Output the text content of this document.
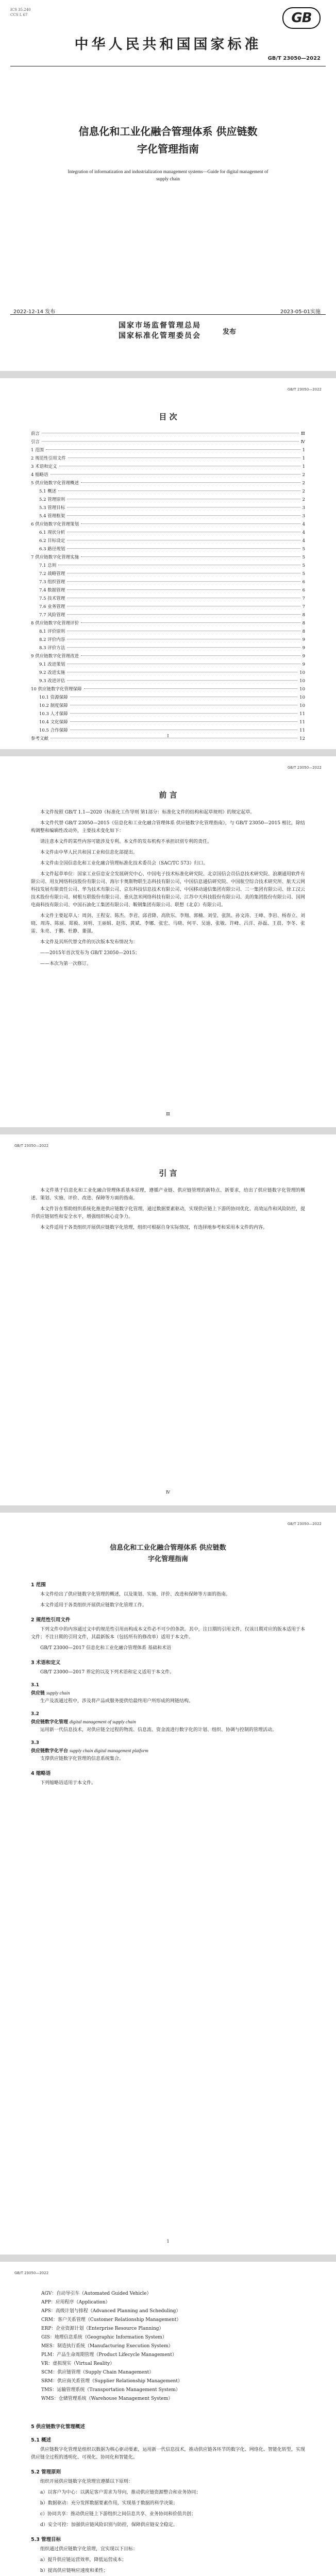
ICS 35.240
CCS L 67	GB
中华人民共和国国家标准
GB/T 23050—2022
信息化和工业化融合管理体系 供应链数字化管理指南
Integration of informatization and industrialization management systems—Guide for digital management of supply chain
2022-12-14 发布	2023-05-01实施
国家市场监督管理总局
国家标准化管理委员会	发布
GB/T 23050—2022
目 次
前言	Ⅲ
引言	Ⅳ
1 范围	1
2 规范性引用文件	1
3 术语和定义	1
4 缩略语	2
5 供应链数字化管理概述	2
5.1 概述	2
5.2 管理原则	2
5.3 管理目标	3
5.4 管理框架	3
6 供应链数字化管理策划	4
6.1 现状分析	4
6.2 目标设定	4
6.3 路径规划	5
7 供应链数字化管理实施	5
7.1 总则	5
7.2 战略管理	5
7.3 组织管理	6
7.4 数据管理	6
7.5 技术管理	7
7.6 业务管理	7
7.7 风险管理	8
8 供应链数字化管理评价	8
8.1 评价原则	8
8.2 评价内容	9
8.3 评价方法	9
9 供应链数字化管理改进	9
9.1 改进策划	9
9.2 改进实施	10
9.3 改进评估	10
10 供应链数字化管理保障	10
10.1 资源保障	10
10.2 制度保障	10
10.3 人才保障	11
10.4 文化保障	11
10.5 合作保障	11
参考文献	12
Ⅰ
GB/T 23050—2022
前 言

本文件按照 GB/T 1.1—2020《标准化工作导则 第1部分：标准化文件的结构和起草规则》的规定起草。

本文件代替 GB/T 23050—2015《信息化和工业化融合管理体系 供应链数字化管理指南》，与 GB/T 23050—2015 相比，除结构调整和编辑性改动外，主要技术变化如下：

请注意本文件的某些内容可能涉及专利。本文件的发布机构不承担识别专利的责任。

本文件由中华人民共和国工业和信息化部提出。

本文件由全国信息化和工业化融合管理标准化技术委员会（SAC/TC 573）归口。

本文件起草单位：国家工业信息安全发展研究中心、中国电子技术标准化研究院、北京国信会员信息技术研究院、浪潮通用软件有限公司、用友网络科技股份有限公司、海尔卡奥斯物联生态科技有限公司、中国信息通信研究院、中国航空综合技术研究所、航天云网科技发展有限责任公司、华为技术有限公司、京东科技信息技术有限公司、中国移动通信集团有限公司、三一集团有限公司、徐工汉云技术股份有限公司、树根互联股份有限公司、重庆忽米网络科技有限公司、江苏中天科技股份有限公司、美的集团股份有限公司、国网电商科技有限公司、中国石油化工集团有限公司、鞍钢集团有限公司、联想（北京）有限公司。

本文件主要起草人：周剑、王程安、陈杰、李君、邱君降、高欣东、李翔、郭楠、刘莹、张凯、孙文涛、王峰、李岩、杨春立、刘晓、周涛、陈丽、郑毅、刘明、王丽娟、赵伟、黄斌、李娜、张宏、马晓、何平、吴迪、张敏、许峰、吕洋、孙磊、王晨、李冬、张雷、朱亮、于鹏、杜静、董强。

本文件及其所代替文件的历次版本发布情况为：

——2015年首次发布为 GB/T 23050—2015；

——本次为第一次修订。

Ⅲ
GB/T 23050—2022
引 言

本文件基于信息化和工业化融合管理体系基本原理，遵循产业链、供应链管理的新特点、新要求，给出了供应链数字化管理的概述、策划、实施、评价、改进、保障等方面的指南。

本文件旨在帮助组织系统化推进供应链数字化管理，通过数据要素驱动，实现供应链上下游的协同优化、高效运作和风险防控，提升供应链韧性和安全水平，增强组织核心竞争力。

本文件适用于各类组织开展供应链数字化管理，组织可根据自身实际情况，有选择地参考和采用本文件的内容。

Ⅳ
GB/T 23050—2022
信息化和工业化融合管理体系 供应链数字化管理指南
1 范围

本文件给出了供应链数字化管理的概述，以及策划、实施、评价、改进和保障等方面的指南。

本文件适用于各类组织开展供应链数字化管理工作。

2 规范性引用文件

下列文件中的内容通过文中的规范性引用而构成本文件必不可少的条款。其中，注日期的引用文件，仅该日期对应的版本适用于本文件；不注日期的引用文件，其最新版本（包括所有的修改单）适用于本文件。

GB/T 23000—2017 信息化和工业化融合管理体系 基础和术语

3 术语和定义

GB/T 23000—2017 界定的以及下列术语和定义适用于本文件。

3.1
供应链 supply chain
生产及流通过程中，涉及将产品或服务提供给最终用户所形成的网链结构。
3.2
供应链数字化管理 digital management of supply chain
运用新一代信息技术，对供应链全过程的物流、信息流、资金流进行数字化的计划、组织、协调与控制的管理活动。
3.3
供应链数字化平台 supply chain digital management platform
支撑供应链数字化管理的信息系统集合。
4 缩略语

下列缩略语适用于本文件。

1
GB/T 23050—2022
AGV：自动导引车（Automated Guided Vehicle）
APP：应用程序（Application）
APS：高级计划与排程（Advanced Planning and Scheduling）
CRM：客户关系管理（Customer Relationship Management）
ERP：企业资源计划（Enterprise Resource Planning）
GIS：地理信息系统（Geographic Information System）
MES：制造执行系统（Manufacturing Execution System）
PLM：产品生命周期管理（Product Lifecycle Management）
VR：虚拟现实（Virtual Reality）
SCM：供应链管理（Supply Chain Management）
SRM：供应商关系管理（Supplier Relationship Management）
TMS：运输管理系统（Transportation Management System）
WMS：仓储管理系统（Warehouse Management System）
5 供应链数字化管理概述
5.1 概述

供应链数字化管理是组织以数据为核心驱动要素，运用新一代信息技术，推动供应链各环节的数字化、网络化、智能化转型，实现供应链全过程的透明化、可视化、协同化和智能化。

5.2 管理原则

组织开展供应链数字化管理宜遵循以下原则：

a）以客户为中心：以满足客户需求为导向，推动供应链资源整合和业务协同；

b）数据驱动：充分发挥数据要素作用，实现基于数据的科学决策；

c）协同共享：推动供应链上下游组织之间信息共享、业务协同和价值共创；

d）安全可控：加强供应链风险识别与防控，保障供应链安全稳定。

5.3 管理目标

组织通过供应链数字化管理，宜实现以下目标：

a）提升供应链运营效率，降低运营成本；

b）提高供应链响应速度和柔性；
